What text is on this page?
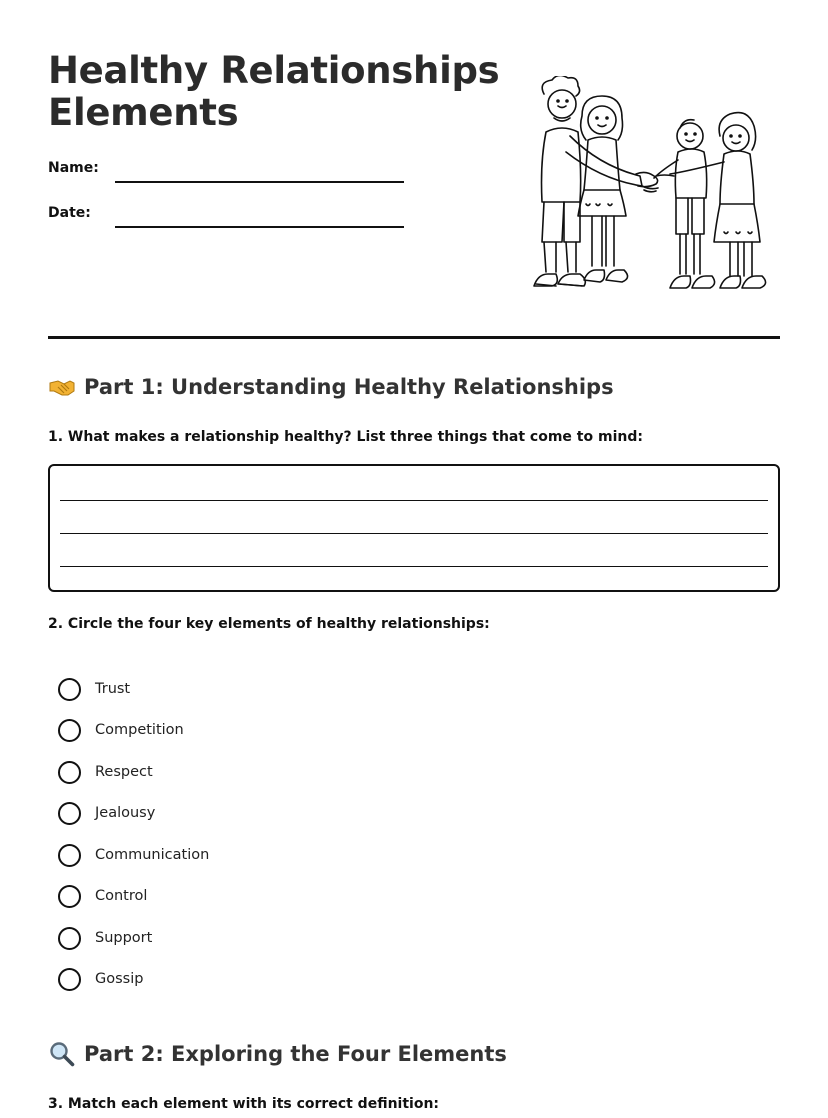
Healthy Relationships
Elements
Name:
Date:
Part 1: Understanding Healthy Relationships
1. What makes a relationship healthy? List three things that come to mind:
2. Circle the four key elements of healthy relationships:
Trust
Competition
Respect
Jealousy
Communication
Control
Support
Gossip
Part 2: Exploring the Four Elements
3. Match each element with its correct definition:
